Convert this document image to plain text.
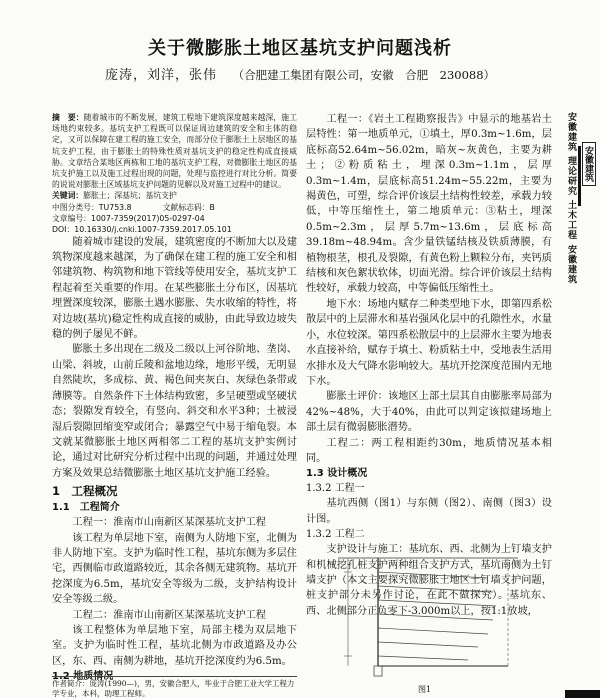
关于微膨胀土地区基坑支护问题浅析
庞涛，刘洋，张伟 （合肥建工集团有限公司，安徽　合肥　230088）
摘　要：随着城市的不断发展，建筑工程地下建筑深度越来越深，施工场地约束较多。基坑支护工程既可以保证周边建筑的安全和主体的稳定，又可以保障在建工程的施工安全，而部分位于膨胀土上层地区的基坑支护工程，由于膨胀土的特殊性质对基坑支护的稳定性构成直接威胁。文章结合某地区两栋和工地的基坑支护工程，对微膨胀土地区的基坑支护施工以及施工过程出现的问题，处理与监控进行对比分析。简要的说说对膨胀土区域基坑支护问题的见解以及对施工过程中的建议。
关键词：膨胀土；深基坑；基坑支护
中图分类号：TU753.8　　　　文献标志码：B
文章编号：1007-7359(2017)05-0297-04
DOI：10.16330/j.cnki.1007-7359.2017.05.101
随着城市建设的发展，建筑密度的不断加大以及建筑物深度越来越深，为了确保在建工程的施工安全和相邻建筑物、构筑物和地下管线等使用安全，基坑支护工程起着至关重要的作用。在某些膨胀土分布区，因基坑埋置深度较深，膨胀土遇水膨胀、失水收缩的特性，将对边坡(基坑)稳定性构成直接的威胁，由此导致边坡失稳的例子屡见不鲜。
膨胀土多出现在二级及二级以上河谷阶地、垄岗、山梁、斜坡，山前丘陵和盆地边缘，地形平缓，无明显自然陡坎，多成棕、黄、褐色间夹灰白、灰绿色条带或薄膜等。自然条件下土体结构致密，多呈硬塑或坚硬状态；裂隙发育较全，有竖向、斜交和水平3种；土被浸湿后裂隙回缩变窄或闭合；暴露空气中易于缩龟裂。本文就某微膨胀土地区两相邻二工程的基坑支护实例讨论，通过对比研究分析过程中出现的问题，并通过处理方案及效果总结微膨胀土地区基坑支护施工经验。
1　工程概况
1.1　工程简介
工程一：淮南市山南新区某深基坑支护工程
该工程为单层地下室，南侧为人防地下室，北侧为非人防地下室。支护为临时性工程，基坑东侧为多层住宅，西侧临市政道路较近，其余各侧无建筑物。基坑开挖深度为6.5m，基坑安全等级为二级，支护结构设计安全等级二级。
工程二：淮南市山南新区某深基坑支护工程
该工程整体为单层地下室，局部主楼为双层地下室。支护为临时性工程，基坑北侧为市政道路及办公区，东、西、南侧为耕地，基坑开挖深度约为6.5m。
1.2 地质情况
作者简介：庞涛(1990—)，男，安徽合肥人，毕业于合肥工业大学工程力学专业，本科，助理工程师。
工程一：《岩土工程勘察报告》中显示的地基岩土层特性：第一地质单元，①填土，厚0.3m~1.6m，层底标高52.64m~56.02m，暗灰~灰黄色，主要为耕土；②粉质粘土，埋深0.3m~1.1m，层厚0.3m~1.4m，层底标高51.24m~55.22m，主要为褐黄色，可塑，综合评价该层土结构性较差，承载力较低，中等压缩性土，第二地质单元：③粘土，埋深0.5m~2.3m，层厚5.7m~13.6m，层底标高39.18m~48.94m。含少量铁锰结核及铁质薄膜，有植物根茎，根孔及裂隙，有黄色粉上颗粒分布，夹钙质结核和灰色絮状软体，切面光滑。综合评价该层土结构性较好，承载力较高，中等偏低压缩性土。
地下水：场地内赋存二种类型地下水，即第四系松散层中的上层滞水和基岩强风化层中的孔隙性水，水量小，水位较深。第四系松散层中的上层滞水主要为地表水直接补给，赋存于填土、粉质粘土中，受地表生活用水排水及大气降水影响较大。基坑开挖深度范围内无地下水。
膨胀土评价：该地区上部土层其自由膨胀率局部为42%~48%，大于40%，由此可以判定该拟建场地上部土层有微弱膨胀潜势。
工程二：两工程相距约30m，地质情况基本相同。
1.3 设计概况
1.3.2 工程一
基坑西侧（图1）与东侧（图2）、南侧（图3）设计图。
1.3.2 工程二
支护设计与施工：基坑东、西、北侧为上钉墙支护和机械挖孔桩支护两种组合支护方式，基坑南侧为土钉墙支护（本文主要探究微膨胀土地区土钉墙支护问题，桩支护部分未另作讨论，在此不做探究）。基坑东、西、北侧部分正负零下-3.000m以上，按1:1放坡，
图1
安徽建筑 理论研究 土木工程 安徽建筑 安徽建筑
